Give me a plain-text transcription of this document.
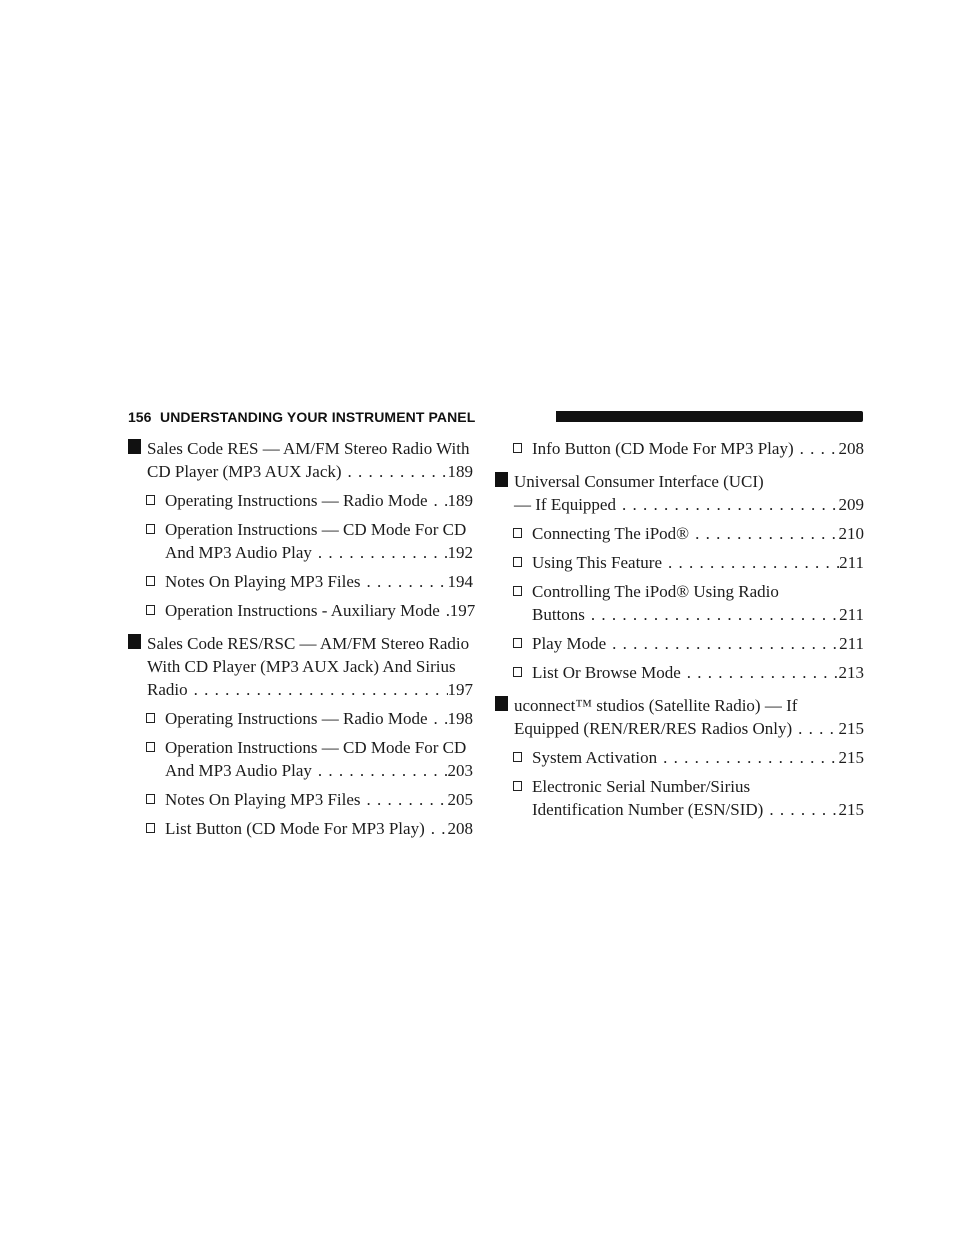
156 UNDERSTANDING YOUR INSTRUMENT PANEL
Sales Code RES — AM/FM Stereo Radio With
CD Player (MP3 AUX Jack) . . .	189
Operating Instructions — Radio Mode . . . 189
Operation Instructions — CD Mode For CD
And MP3 Audio Play . . .	192
Notes On Playing MP3 Files . . .	194
Operation Instructions - Auxiliary Mode . . . 197
Sales Code RES/RSC — AM/FM Stereo Radio
With CD Player (MP3 AUX Jack) And Sirius
Radio . . .	197
Operating Instructions — Radio Mode . . . 198
Operation Instructions — CD Mode For CD
And MP3 Audio Play . . .	203
Notes On Playing MP3 Files . . .	205
List Button (CD Mode For MP3 Play) . . . 208
Info Button (CD Mode For MP3 Play) . . .	208
Universal Consumer Interface (UCI)
— If Equipped . . .	209
Connecting The iPod® . . .	210
Using This Feature . . .	211
Controlling The iPod® Using Radio
Buttons . . .	211
Play Mode . . .	211
List Or Browse Mode . . .	213
uconnect™ studios (Satellite Radio) — If
Equipped (REN/RER/RES Radios Only) . . .	215
System Activation . . .	215
Electronic Serial Number/Sirius
Identification Number (ESN/SID) . . .	215
